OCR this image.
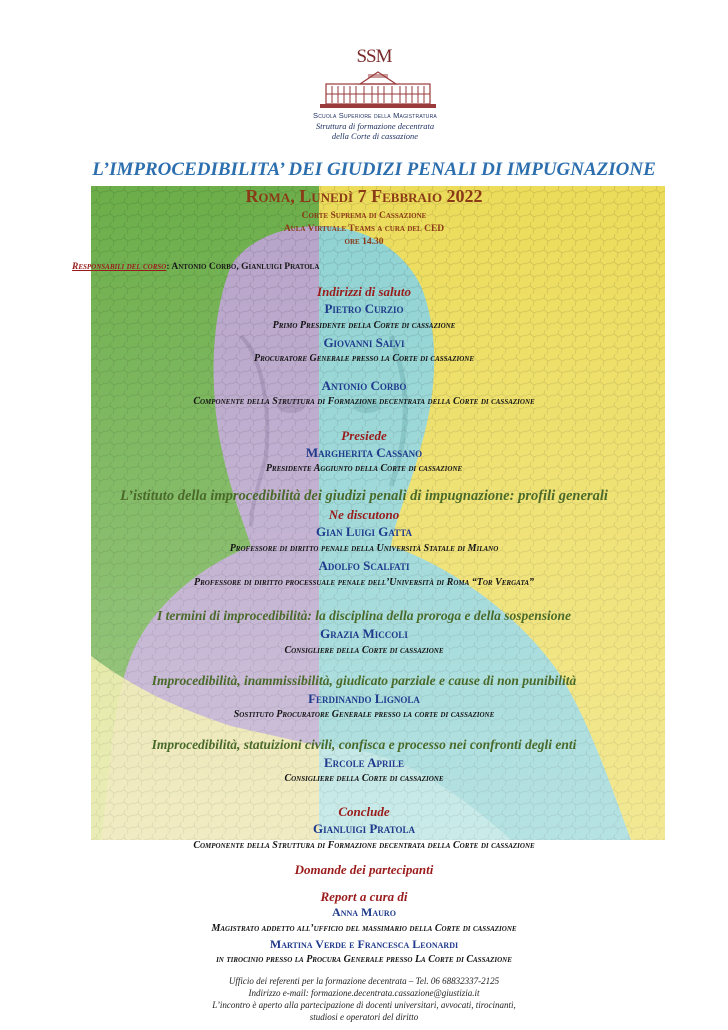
SSM
Scuola Superiore della Magistratura
Struttura di formazione decentrata
della Corte di cassazione
L’IMPROCEDIBILITA’ DEI GIUDIZI PENALI DI IMPUGNAZIONE
Roma, Lunedì 7 Febbraio 2022
Corte Suprema di Cassazione
Aula Virtuale Teams a cura del CED
ore 14.30
Responsabili del corso: Antonio Corbo, Gianluigi Pratola
Indirizzi di saluto
Pietro Curzio
Primo Presidente della Corte di cassazione
Giovanni Salvi
Procuratore Generale presso la Corte di cassazione
Antonio Corbo
Componente della Struttura di Formazione decentrata della Corte di cassazione
Presiede
Margherita Cassano
Presidente Aggiunto della Corte di cassazione
L’istituto della improcedibilità dei giudizi penali di impugnazione: profili generali
Ne discutono
Gian Luigi Gatta
Professore di diritto penale della Università Statale di Milano
Adolfo Scalfati
Professore di diritto processuale penale dell’Università di Roma “Tor Vergata”
I termini di improcedibilità: la disciplina della proroga e della sospensione
Grazia Miccoli
Consigliere della Corte di cassazione
Improcedibilità, inammissibilità, giudicato parziale e cause di non punibilità
Ferdinando Lignola
Sostituto Procuratore Generale presso la corte di cassazione
Improcedibilità, statuizioni civili, confisca e processo nei confronti degli enti
Ercole Aprile
Consigliere della Corte di cassazione
Conclude
Gianluigi Pratola
Componente della Struttura di Formazione decentrata della Corte di cassazione
Domande dei partecipanti
Report a cura di
Anna Mauro
Magistrato addetto all’ufficio del massimario della Corte di cassazione
Martina Verde e Francesca Leonardi
in tirocinio presso la Procura Generale presso La Corte di Cassazione
Ufficio dei referenti per la formazione decentrata – Tel. 06 68832337-2125
Indirizzo e-mail: formazione.decentrata.cassazione@giustizia.it
L’incontro è aperto alla partecipazione di docenti universitari, avvocati, tirocinanti,
studiosi e operatori del diritto
